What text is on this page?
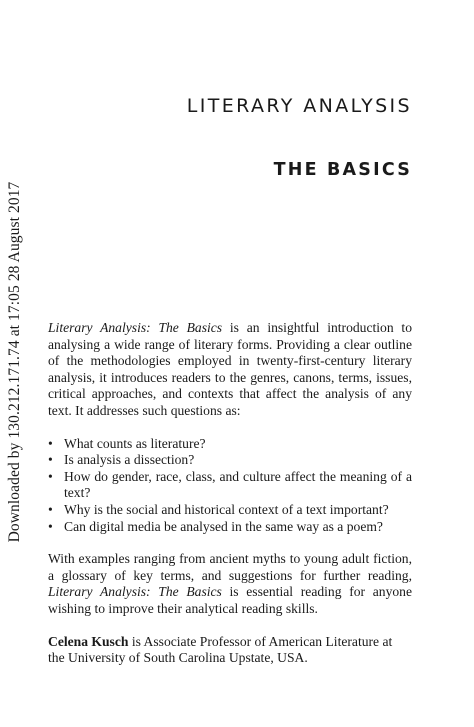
Downloaded by 130.212.171.74 at 17:05 28 August 2017
LITERARY ANALYSIS
THE BASICS

Literary Analysis: The Basics is an insightful introduction to analysing a wide range of literary forms. Providing a clear outline of the methodologies employed in twenty-first-century literary analysis, it introduces readers to the genres, canons, terms, issues, critical approaches, and contexts that affect the analysis of any text. It addresses such questions as:

• What counts as literature?
• Is analysis a dissection?
• How do gender, race, class, and culture affect the meaning of a text?
• Why is the social and historical context of a text important?
• Can digital media be analysed in the same way as a poem?

With examples ranging from ancient myths to young adult fiction, a glossary of key terms, and suggestions for further reading, Literary Analysis: The Basics is essential reading for anyone wishing to improve their analytical reading skills.

Celena Kusch is Associate Professor of American Literature at the University of South Carolina Upstate, USA.
